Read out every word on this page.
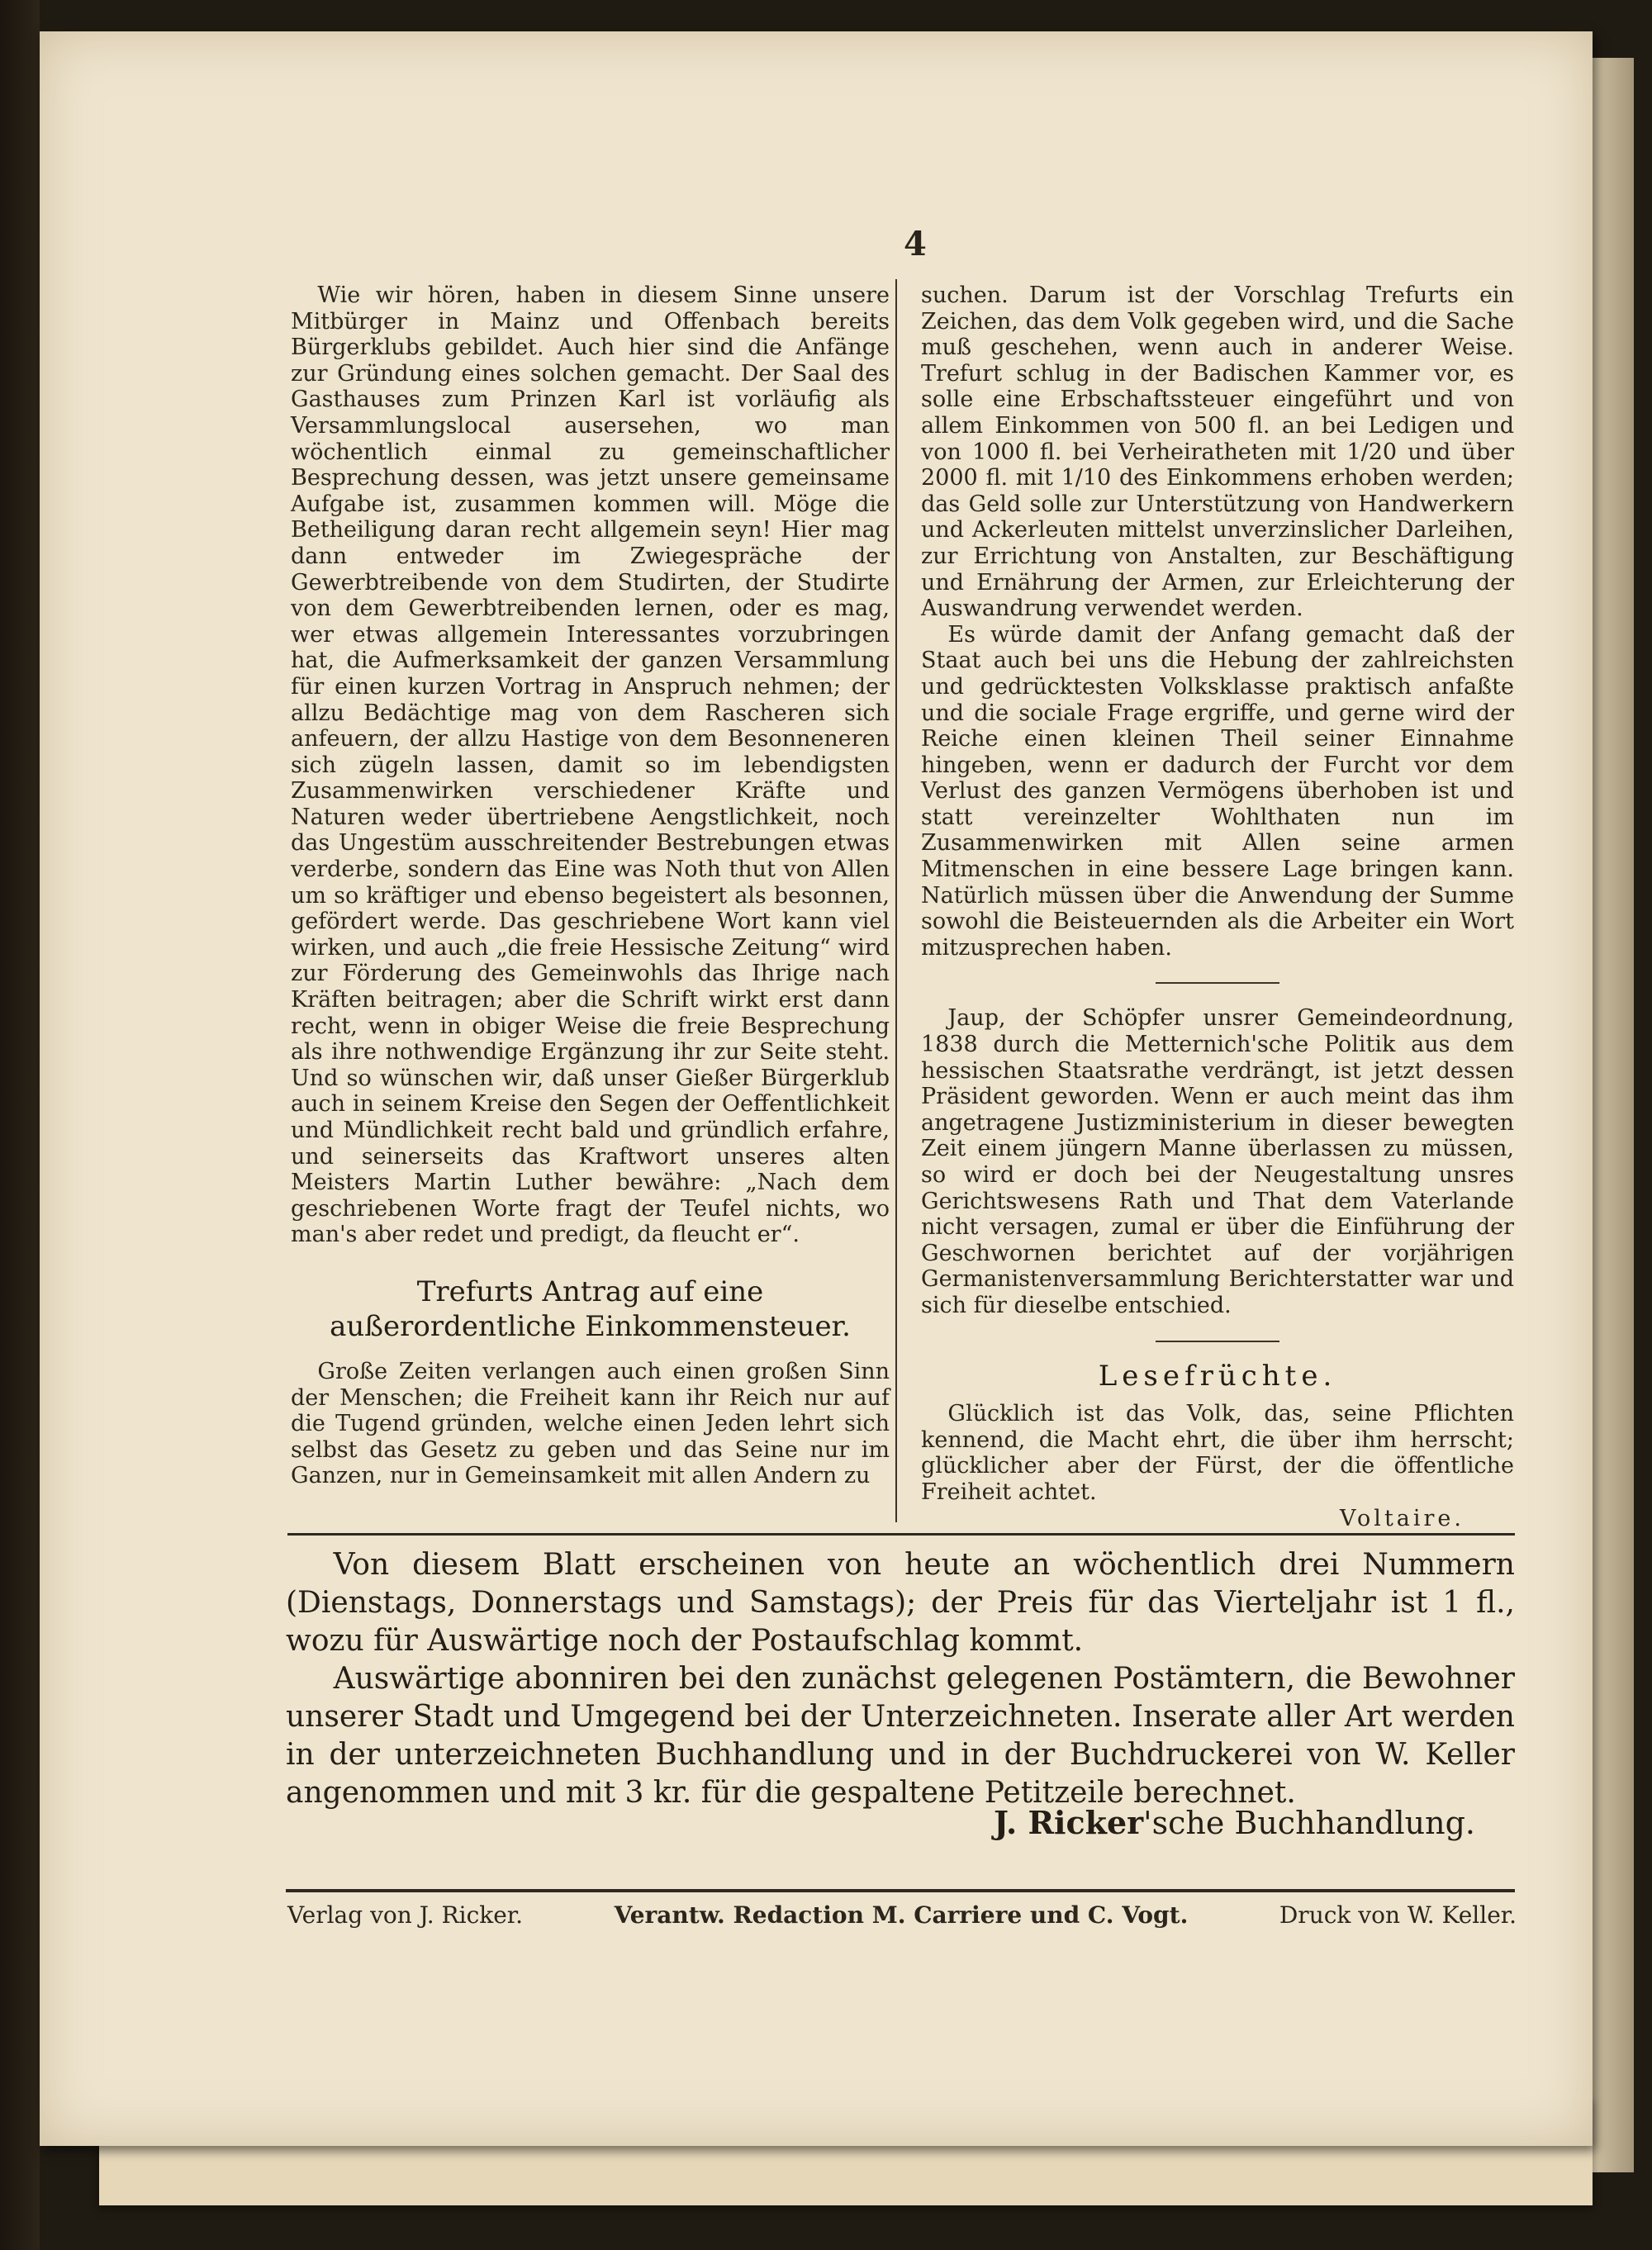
4

Wie wir hören, haben in diesem Sinne unsere Mitbürger in Mainz und Offenbach bereits Bürgerklubs gebildet. Auch hier sind die Anfänge zur Gründung eines solchen gemacht. Der Saal des Gasthauses zum Prinzen Karl ist vorläufig als Versammlungslocal ausersehen, wo man wöchentlich einmal zu gemeinschaftlicher Besprechung dessen, was jetzt unsere gemeinsame Aufgabe ist, zusammen kommen will. Möge die Betheiligung daran recht allgemein seyn! Hier mag dann entweder im Zwiegespräche der Gewerbtreibende von dem Studirten, der Studirte von dem Gewerbtreibenden lernen, oder es mag, wer etwas allgemein Interessantes vorzubringen hat, die Aufmerksamkeit der ganzen Versammlung für einen kurzen Vortrag in Anspruch nehmen; der allzu Bedächtige mag von dem Rascheren sich anfeuern, der allzu Hastige von dem Besonneneren sich zügeln lassen, damit so im lebendigsten Zusammenwirken verschiedener Kräfte und Naturen weder übertriebene Aengstlichkeit, noch das Ungestüm ausschreitender Bestrebungen etwas verderbe, sondern das Eine was Noth thut von Allen um so kräftiger und ebenso begeistert als besonnen, gefördert werde. Das geschriebene Wort kann viel wirken, und auch „die freie Hessische Zeitung“ wird zur Förderung des Gemeinwohls das Ihrige nach Kräften beitragen; aber die Schrift wirkt erst dann recht, wenn in obiger Weise die freie Besprechung als ihre nothwendige Ergänzung ihr zur Seite steht. Und so wünschen wir, daß unser Gießer Bürgerklub auch in seinem Kreise den Segen der Oeffentlichkeit und Mündlichkeit recht bald und gründlich erfahre, und seinerseits das Kraftwort unseres alten Meisters Martin Luther bewähre: „Nach dem geschriebenen Worte fragt der Teufel nichts, wo man's aber redet und predigt, da fleucht er“.

Trefurts Antrag auf eine außerordentliche Einkommensteuer.

Große Zeiten verlangen auch einen großen Sinn der Menschen; die Freiheit kann ihr Reich nur auf die Tugend gründen, welche einen Jeden lehrt sich selbst das Gesetz zu geben und das Seine nur im Ganzen, nur in Gemeinsamkeit mit allen Andern zu

suchen. Darum ist der Vorschlag Trefurts ein Zeichen, das dem Volk gegeben wird, und die Sache muß geschehen, wenn auch in anderer Weise. Trefurt schlug in der Badischen Kammer vor, es solle eine Erbschaftssteuer eingeführt und von allem Einkommen von 500 fl. an bei Ledigen und von 1000 fl. bei Verheiratheten mit 1/20 und über 2000 fl. mit 1/10 des Einkommens erhoben werden; das Geld solle zur Unterstützung von Handwerkern und Ackerleuten mittelst unverzinslicher Darleihen, zur Errichtung von Anstalten, zur Beschäftigung und Ernährung der Armen, zur Erleichterung der Auswandrung verwendet werden.

Es würde damit der Anfang gemacht daß der Staat auch bei uns die Hebung der zahlreichsten und gedrücktesten Volksklasse praktisch anfaßte und die sociale Frage ergriffe, und gerne wird der Reiche einen kleinen Theil seiner Einnahme hingeben, wenn er dadurch der Furcht vor dem Verlust des ganzen Vermögens überhoben ist und statt vereinzelter Wohlthaten nun im Zusammenwirken mit Allen seine armen Mitmenschen in eine bessere Lage bringen kann. Natürlich müssen über die Anwendung der Summe sowohl die Beisteuernden als die Arbeiter ein Wort mitzusprechen haben.

Jaup, der Schöpfer unsrer Gemeindeordnung, 1838 durch die Metternich'sche Politik aus dem hessischen Staatsrathe verdrängt, ist jetzt dessen Präsident geworden. Wenn er auch meint das ihm angetragene Justizministerium in dieser bewegten Zeit einem jüngern Manne überlassen zu müssen, so wird er doch bei der Neugestaltung unsres Gerichtswesens Rath und That dem Vaterlande nicht versagen, zumal er über die Einführung der Geschwornen berichtet auf der vorjährigen Germanistenversammlung Berichterstatter war und sich für dieselbe entschied.

Lesefrüchte.

Glücklich ist das Volk, das, seine Pflichten kennend, die Macht ehrt, die über ihm herrscht; glücklicher aber der Fürst, der die öffentliche Freiheit achtet.

Voltaire.

Von diesem Blatt erscheinen von heute an wöchentlich drei Nummern (Dienstags, Donnerstags und Samstags); der Preis für das Vierteljahr ist 1 fl., wozu für Auswärtige noch der Postaufschlag kommt.

Auswärtige abonniren bei den zunächst gelegenen Postämtern, die Bewohner unserer Stadt und Umgegend bei der Unterzeichneten. Inserate aller Art werden in der unterzeichneten Buchhandlung und in der Buchdruckerei von W. Keller angenommen und mit 3 kr. für die gespaltene Petitzeile berechnet.

J. Ricker'sche Buchhandlung.
Verlag von J. Ricker.	Verantw. Redaction M. Carriere und C. Vogt.	Druck von W. Keller.
